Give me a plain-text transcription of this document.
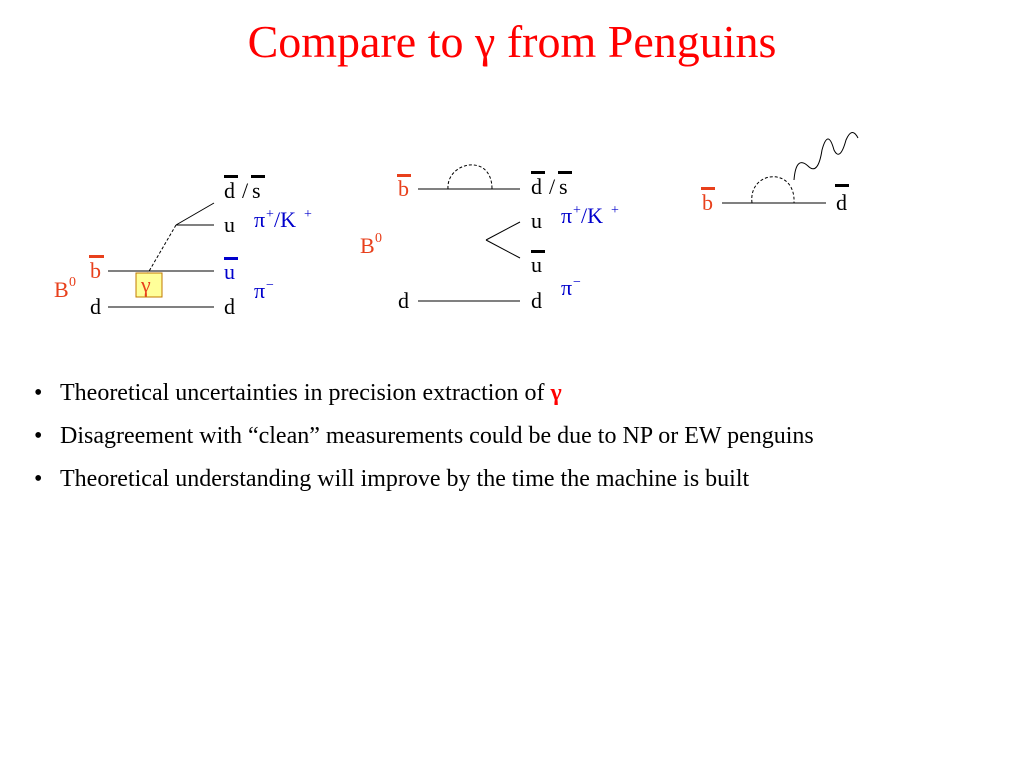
Compare to γ from Penguins
γ
b
d
B 0
d / s
u π + /K +
u
d
π −
b
B 0
d
d / s
u π + /K +
u
d
π −
b	d
• Theoretical uncertainties in precision extraction of γ
• Disagreement with “clean” measurements could be due to NP or EW penguins
• Theoretical understanding will improve by the time the machine is built
